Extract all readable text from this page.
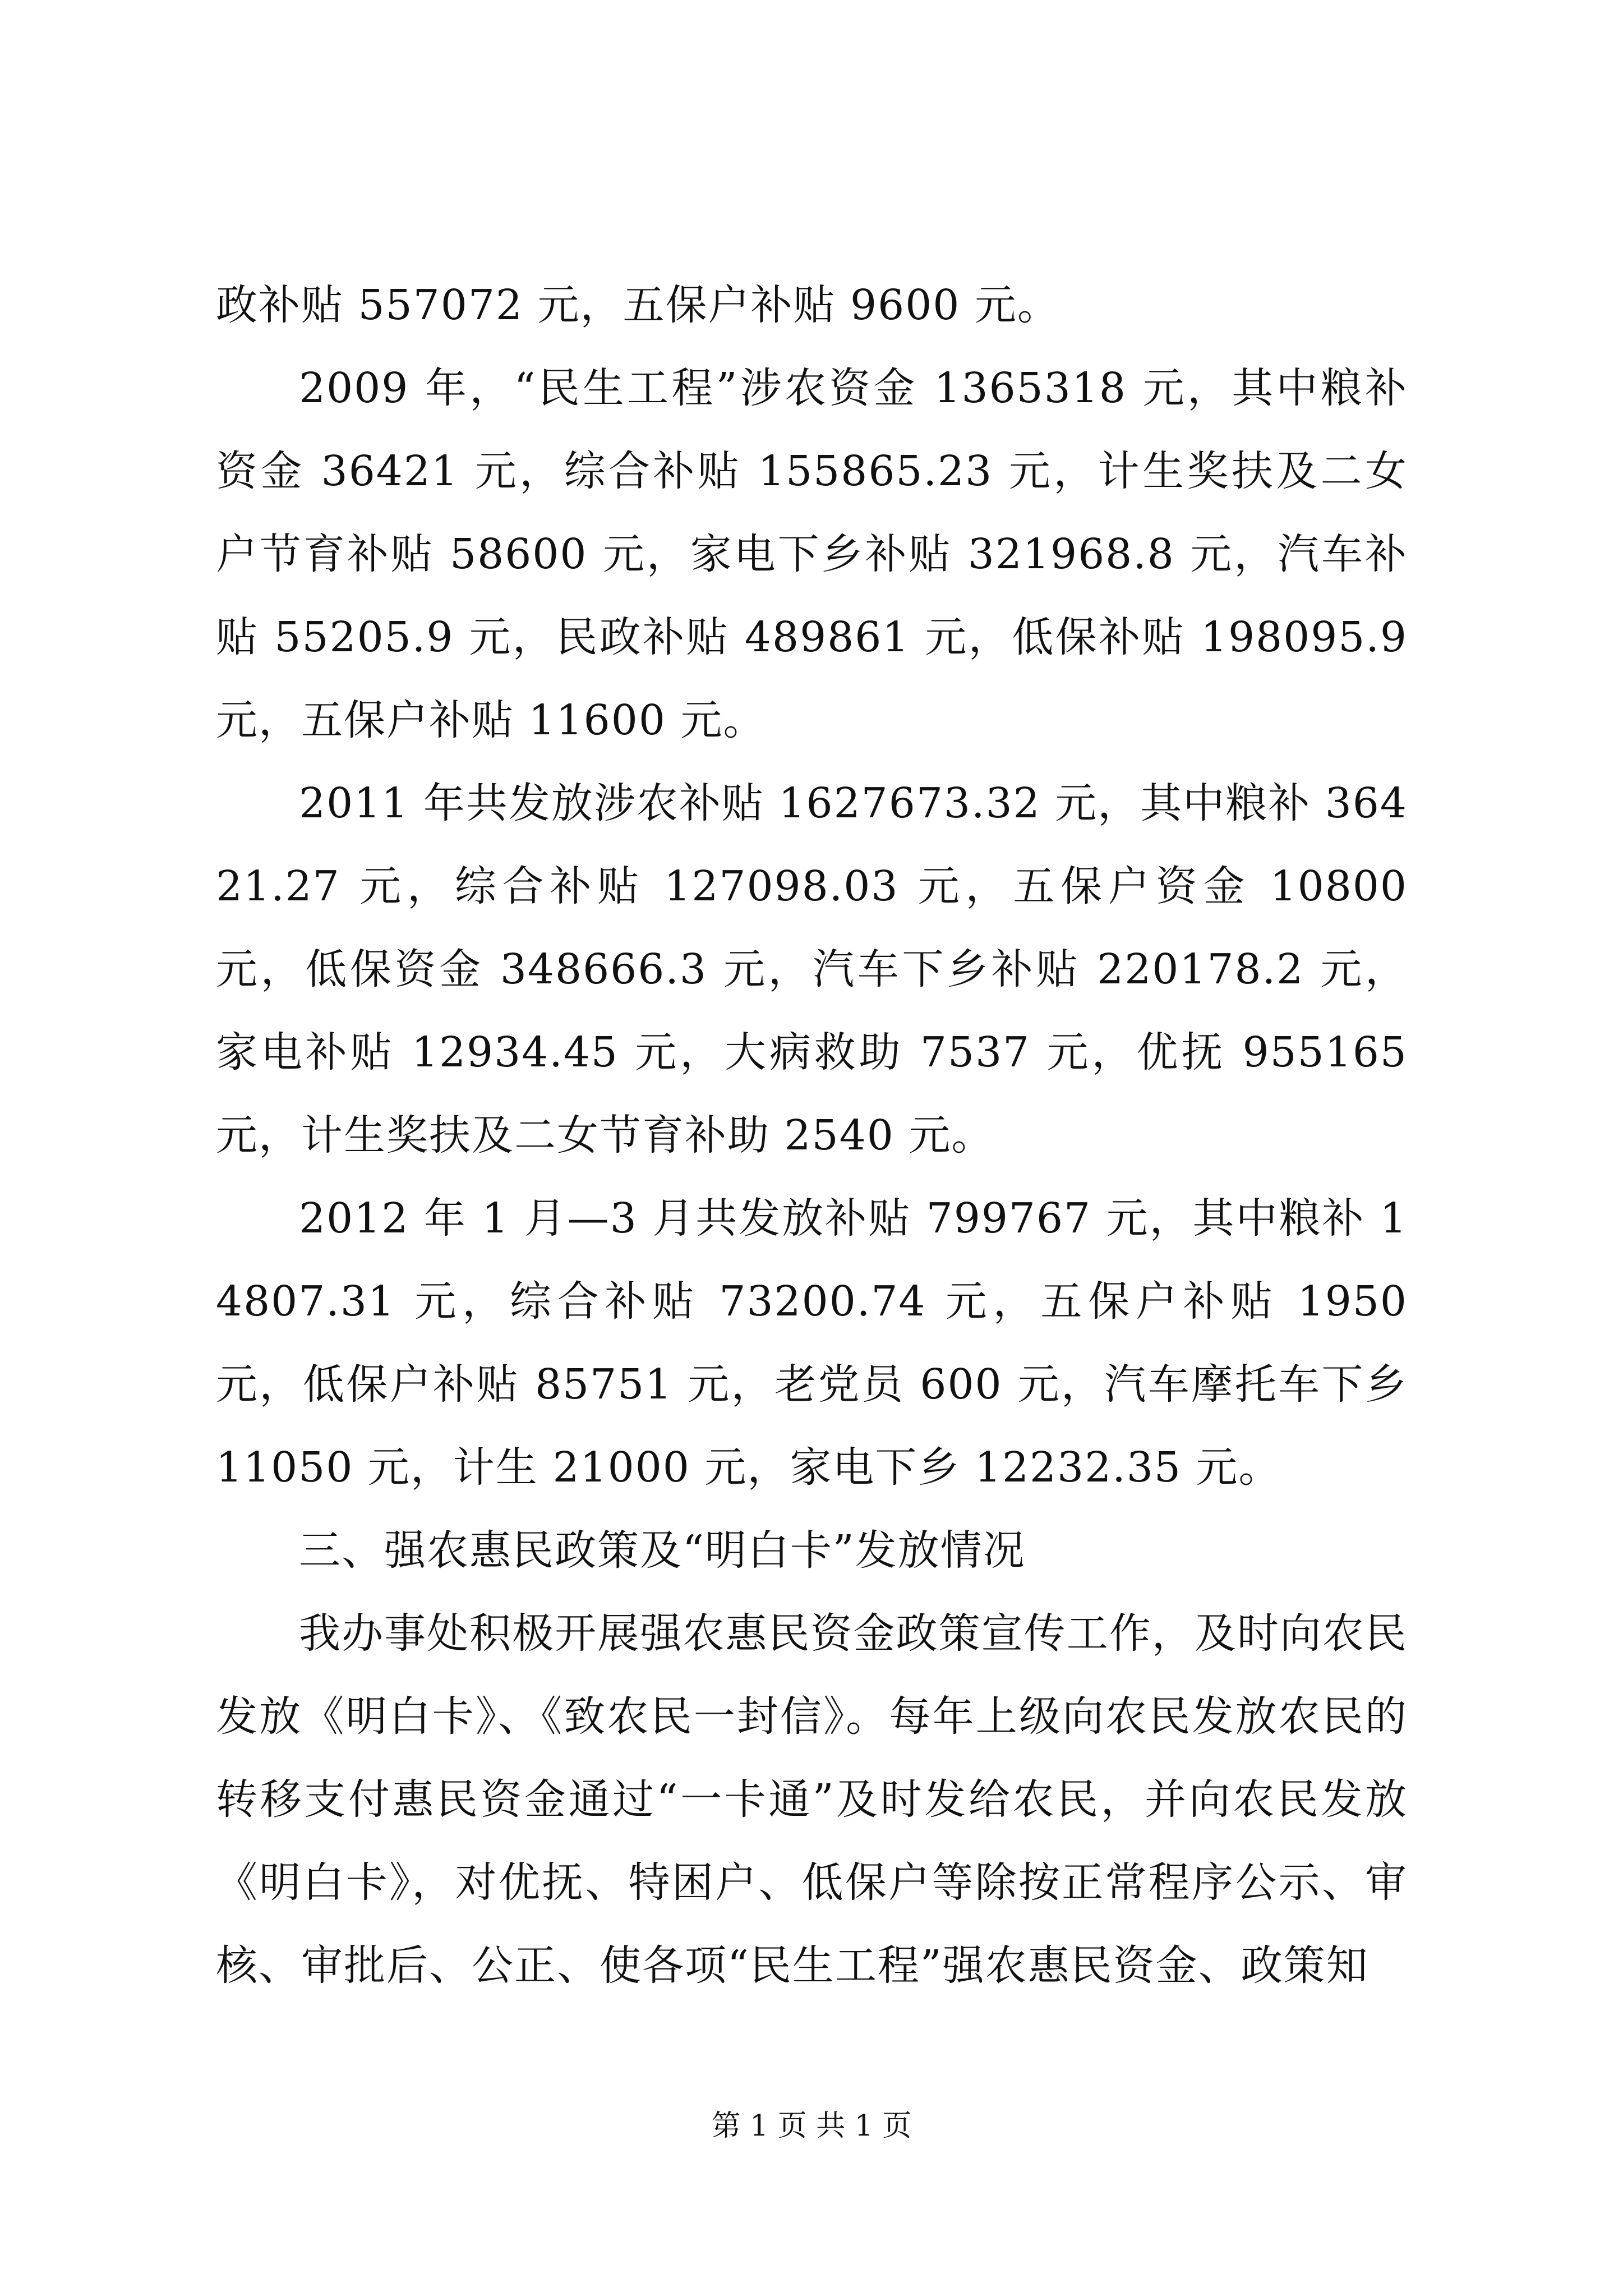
政补贴 557072 元，五保户补贴 9600 元。

2009 年，“民生工程”涉农资金 1365318 元，其中粮补资金 36421 元，综合补贴 155865.23 元，计生奖扶及二女户节育补贴 58600 元，家电下乡补贴 321968.8 元，汽车补贴 55205.9 元，民政补贴 489861 元，低保补贴 198095.9 元，五保户补贴 11600 元。

2011 年共发放涉农补贴 1627673.32 元，其中粮补 36421.27 元，综合补贴 127098.03 元，五保户资金 10800 元，低保资金 348666.3 元，汽车下乡补贴 220178.2 元，家电补贴 12934.45 元，大病救助 7537 元，优抚 955165 元，计生奖扶及二女节育补助 2540 元。

2012 年 1 月—3 月共发放补贴 799767 元，其中粮补 14807.31 元，综合补贴 73200.74 元，五保户补贴 1950 元，低保户补贴 85751 元，老党员 600 元，汽车摩托车下乡 11050 元，计生 21000 元，家电下乡 12232.35 元。

三、强农惠民政策及“明白卡”发放情况

我办事处积极开展强农惠民资金政策宣传工作，及时向农民发放《明白卡》、《致农民一封信》。每年上级向农民发放农民的转移支付惠民资金通过“一卡通”及时发给农民，并向农民发放《明白卡》，对优抚、特困户、低保户等除按正常程序公示、审核、审批后、公正、使各项“民生工程”强农惠民资金、政策知

第 1 页 共 1 页
